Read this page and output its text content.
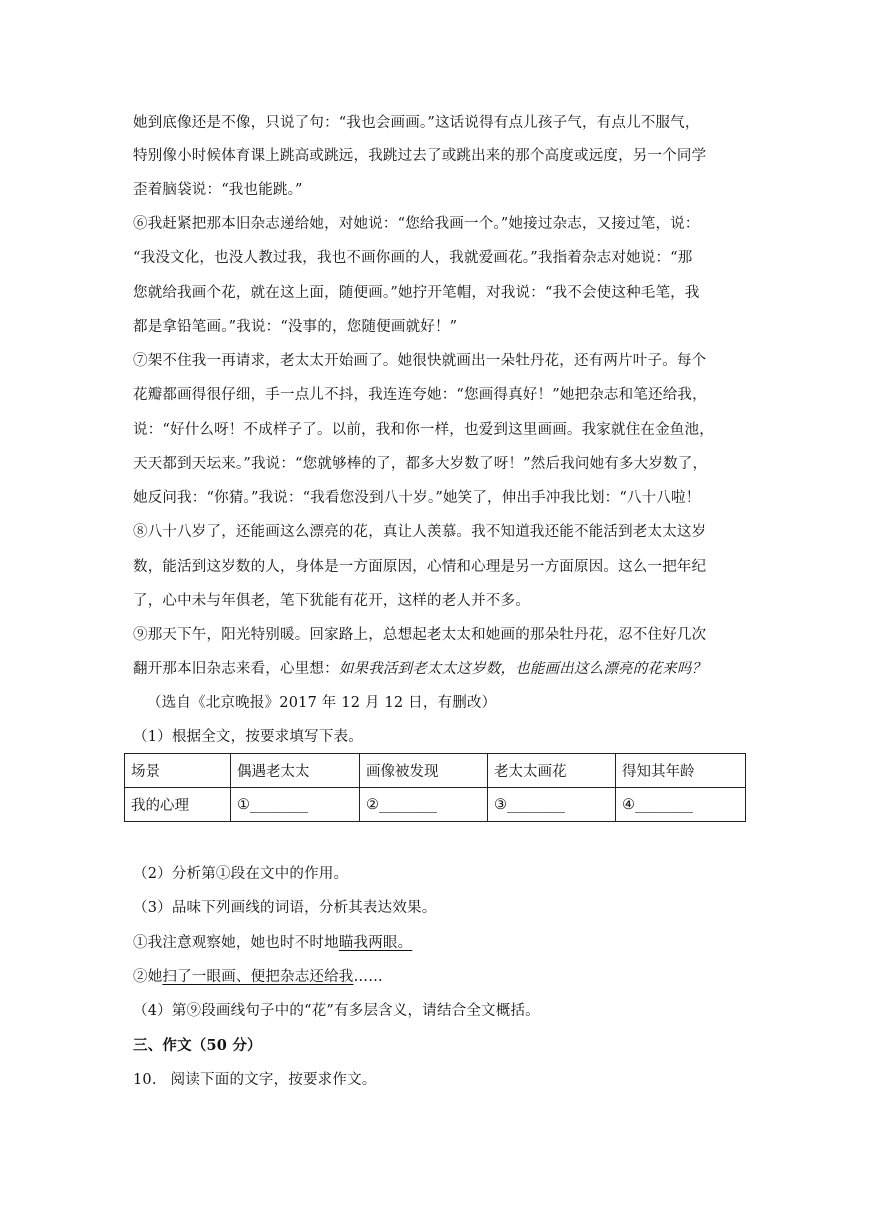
她到底像还是不像，只说了句：“我也会画画。”这话说得有点儿孩子气，有点儿不服气，
特别像小时候体育课上跳高或跳远，我跳过去了或跳出来的那个高度或远度，另一个同学
歪着脑袋说：“我也能跳。”
⑥我赶紧把那本旧杂志递给她，对她说：“您给我画一个。”她接过杂志，又接过笔，说：
“我没文化，也没人教过我，我也不画你画的人，我就爱画花。”我指着杂志对她说：“那
您就给我画个花，就在这上面，随便画。”她拧开笔帽，对我说：“我不会使这种毛笔，我
都是拿铅笔画。”我说：“没事的，您随便画就好！”
⑦架不住我一再请求，老太太开始画了。她很快就画出一朵牡丹花，还有两片叶子。每个
花瓣都画得很仔细，手一点儿不抖，我连连夸她：“您画得真好！”她把杂志和笔还给我，
说：“好什么呀！不成样子了。以前，我和你一样，也爱到这里画画。我家就住在金鱼池，
天天都到天坛来。”我说：“您就够棒的了，都多大岁数了呀！”然后我问她有多大岁数了，
她反问我：“你猜。”我说：“我看您没到八十岁。”她笑了，伸出手冲我比划：“八十八啦！
⑧八十八岁了，还能画这么漂亮的花，真让人羡慕。我不知道我还能不能活到老太太这岁
数，能活到这岁数的人，身体是一方面原因，心情和心理是另一方面原因。这么一把年纪
了，心中未与年俱老，笔下犹能有花开，这样的老人并不多。
⑨那天下午，阳光特别暖。回家路上，总想起老太太和她画的那朵牡丹花，忍不住好几次
翻开那本旧杂志来看，心里想：如果我活到老太太这岁数，也能画出这么漂亮的花来吗？
（选自《北京晚报》2017 年 12 月 12 日，有删改）
（1）根据全文，按要求填写下表。
场景	偶遇老太太	画像被发现	老太太画花	得知其年龄
我的心理	①________	②________	③________	④________
（2）分析第①段在文中的作用。
（3）品味下列画线的词语，分析其表达效果。
①我注意观察她，她也时不时地瞄我两眼。
②她扫了一眼画、便把杂志还给我……
（4）第⑨段画线句子中的“花”有多层含义，请结合全文概括。
三、作文（50 分）
10. 阅读下面的文字，按要求作文。
